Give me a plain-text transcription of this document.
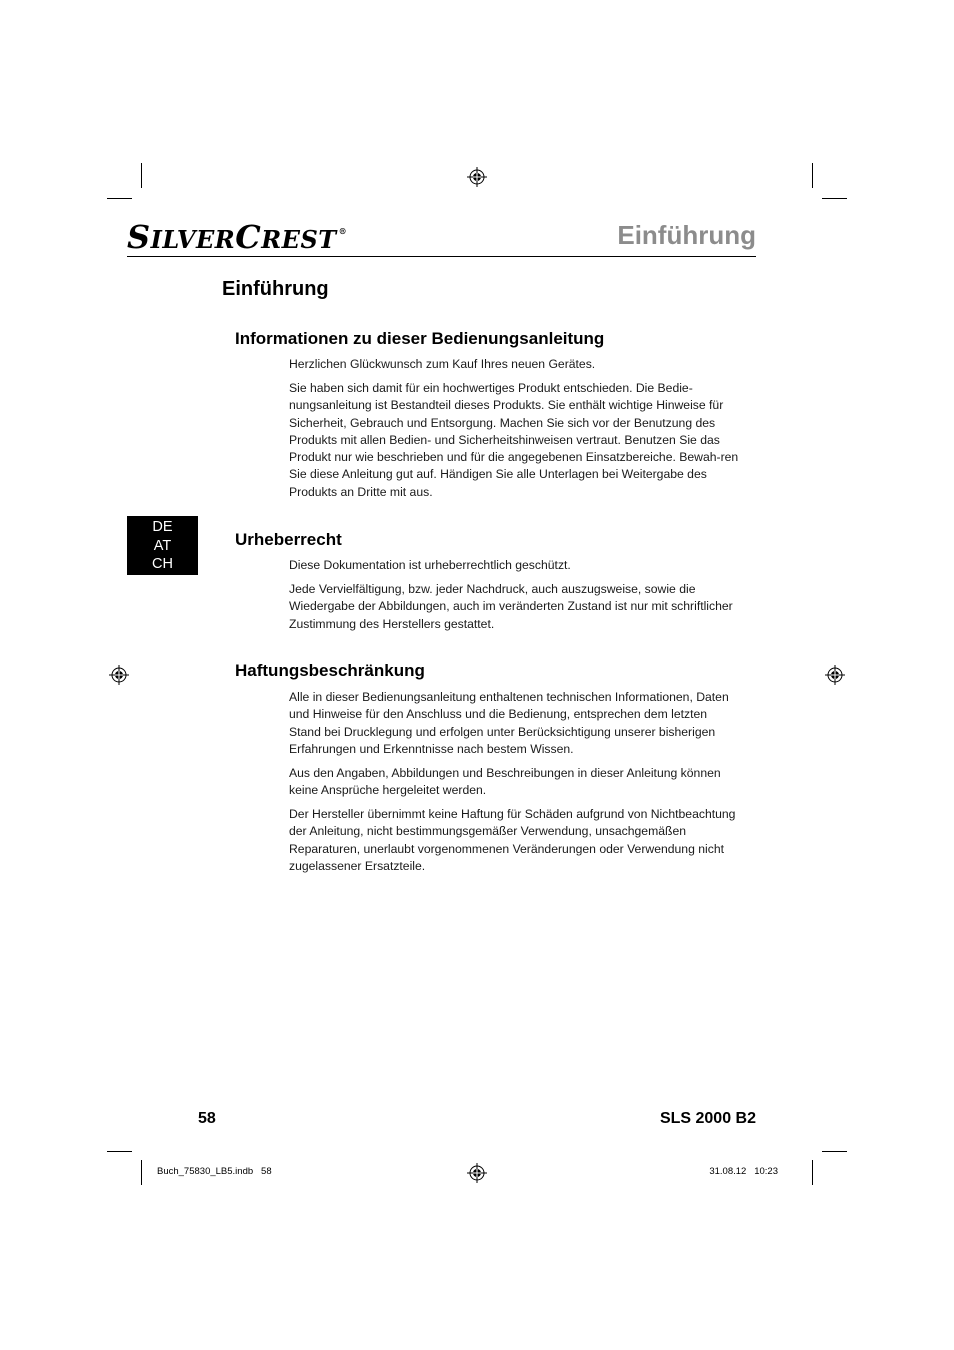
SILVERCREST ®	Einführung
Einführung
Informationen zu dieser Bedienungsanleitung
Herzlichen Glückwunsch zum Kauf Ihres neuen Gerätes.
Sie haben sich damit für ein hochwertiges Produkt entschieden. Die Bedie-nungsanleitung ist Bestandteil dieses Produkts. Sie enthält wichtige Hinweise für Sicherheit, Gebrauch und Entsorgung. Machen Sie sich vor der Benutzung des Produkts mit allen Bedien- und Sicherheitshinweisen vertraut. Benutzen Sie das Produkt nur wie beschrieben und für die angegebenen Einsatzbereiche. Bewah-ren Sie diese Anleitung gut auf. Händigen Sie alle Unterlagen bei Weitergabe des Produkts an Dritte mit aus.
DE
AT
CH
Urheberrecht
Diese Dokumentation ist urheberrechtlich geschützt.
Jede Vervielfältigung, bzw. jeder Nachdruck, auch auszugsweise, sowie die Wiedergabe der Abbildungen, auch im veränderten Zustand ist nur mit schriftlicher Zustimmung des Herstellers gestattet.
Haftungsbeschränkung
Alle in dieser Bedienungsanleitung enthaltenen technischen Informationen, Daten und Hinweise für den Anschluss und die Bedienung, entsprechen dem letzten Stand bei Drucklegung und erfolgen unter Berücksichtigung unserer bisherigen Erfahrungen und Erkenntnisse nach bestem Wissen.
Aus den Angaben, Abbildungen und Beschreibungen in dieser Anleitung können keine Ansprüche hergeleitet werden.
Der Hersteller übernimmt keine Haftung für Schäden aufgrund von Nichtbeachtung der Anleitung, nicht bestimmungsgemäßer Verwendung, unsachgemäßen Reparaturen, unerlaubt vorgenommenen Veränderungen oder Verwendung nicht zugelassener Ersatzteile.
58	SLS 2000 B2
Buch_75830_LB5.indb   58	31.08.12   10:23
